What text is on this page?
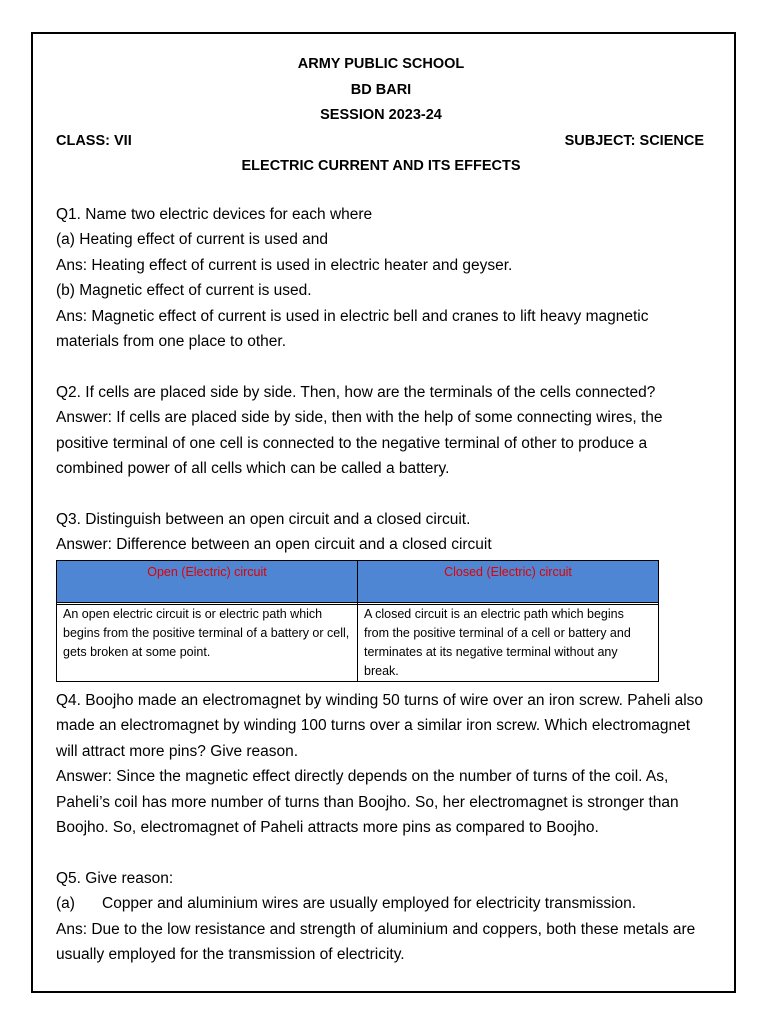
ARMY PUBLIC SCHOOL
BD BARI
SESSION 2023-24
CLASS: VII	SUBJECT: SCIENCE
ELECTRIC CURRENT AND ITS EFFECTS

Q1. Name two electric devices for each where

(a) Heating effect of current is used and

Ans: Heating effect of current is used in electric heater and geyser.

(b) Magnetic effect of current is used.

Ans: Magnetic effect of current is used in electric bell and cranes to lift heavy magnetic materials from one place to other.

Q2. If cells are placed side by side. Then, how are the terminals of the cells connected?

Answer: If cells are placed side by side, then with the help of some connecting wires, the positive terminal of one cell is connected to the negative terminal of other to produce a combined power of all cells which can be called a battery.

Q3. Distinguish between an open circuit and a closed circuit.

Answer: Difference between an open circuit and a closed circuit

Open (Electric) circuit	Closed (Electric) circuit

An open electric circuit is or electric path which begins from the positive terminal of a battery or cell, gets broken at some point.	A closed circuit is an electric path which begins from the positive terminal of a cell or battery and terminates at its negative terminal without any break.

Q4. Boojho made an electromagnet by winding 50 turns of wire over an iron screw. Paheli also made an electromagnet by winding 100 turns over a similar iron screw. Which electromagnet will attract more pins? Give reason.

Answer: Since the magnetic effect directly depends on the number of turns of the coil. As, Paheli’s coil has more number of turns than Boojho. So, her electromagnet is stronger than Boojho. So, electromagnet of Paheli attracts more pins as compared to Boojho.

Q5. Give reason:

(a)	Copper and aluminium wires are usually employed for electricity transmission.

Ans: Due to the low resistance and strength of aluminium and coppers, both these metals are usually employed for the transmission of electricity.
